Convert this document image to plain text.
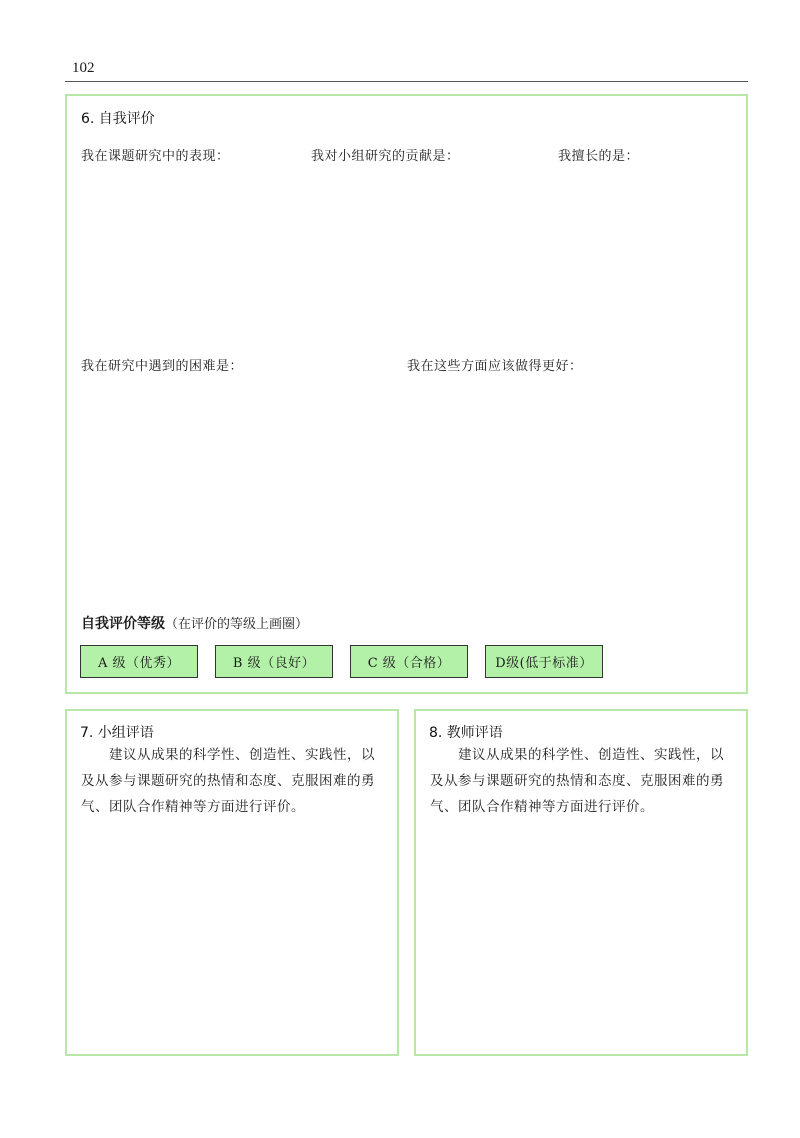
102
6. 自我评价
我在课题研究中的表现：	我对小组研究的贡献是：	我擅长的是：
我在研究中遇到的困难是：	我在这些方面应该做得更好：
自我评价等级（在评价的等级上画圈）
A 级（优秀）	B 级（良好）	C 级（合格）	D级(低于标准）
7. 小组评语
建议从成果的科学性、创造性、实践性，以及从参与课题研究的热情和态度、克服困难的勇气、团队合作精神等方面进行评价。
8. 教师评语
建议从成果的科学性、创造性、实践性，以及从参与课题研究的热情和态度、克服困难的勇气、团队合作精神等方面进行评价。
